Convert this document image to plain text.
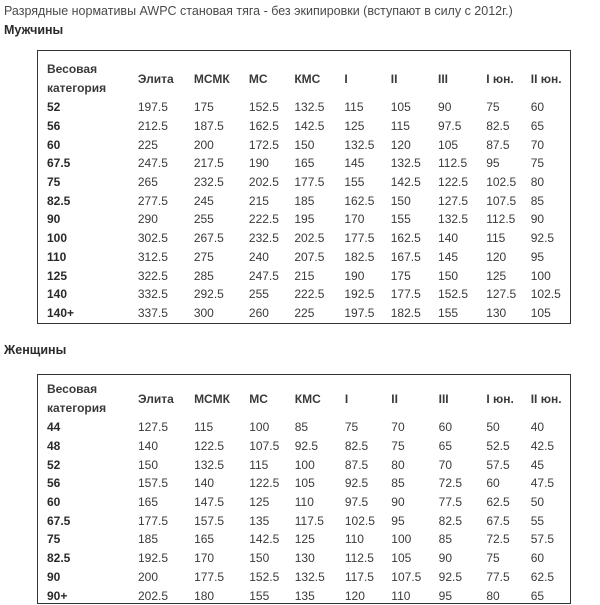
Разрядные нормативы AWPC становая тяга - без экипировки (вступают в силу с 2012г.)
Мужчины
Весовая категория	Элита	МСМК	МС	КМС	I	II	III	I юн.	II юн.
52	197.5	175	152.5	132.5	115	105	90	75	60
56	212.5	187.5	162.5	142.5	125	115	97.5	82.5	65
60	225	200	172.5	150	132.5	120	105	87.5	70
67.5	247.5	217.5	190	165	145	132.5	112.5	95	75
75	265	232.5	202.5	177.5	155	142.5	122.5	102.5	80
82.5	277.5	245	215	185	162.5	150	127.5	107.5	85
90	290	255	222.5	195	170	155	132.5	112.5	90
100	302.5	267.5	232.5	202.5	177.5	162.5	140	115	92.5
110	312.5	275	240	207.5	182.5	167.5	145	120	95
125	322.5	285	247.5	215	190	175	150	125	100
140	332.5	292.5	255	222.5	192.5	177.5	152.5	127.5	102.5
140+	337.5	300	260	225	197.5	182.5	155	130	105
Женщины
Весовая категория	Элита	МСМК	МС	КМС	I	II	III	I юн.	II юн.
44	127.5	115	100	85	75	70	60	50	40
48	140	122.5	107.5	92.5	82.5	75	65	52.5	42.5
52	150	132.5	115	100	87.5	80	70	57.5	45
56	157.5	140	122.5	105	92.5	85	72.5	60	47.5
60	165	147.5	125	110	97.5	90	77.5	62.5	50
67.5	177.5	157.5	135	117.5	102.5	95	82.5	67.5	55
75	185	165	142.5	125	110	100	85	72.5	57.5
82.5	192.5	170	150	130	112.5	105	90	75	60
90	200	177.5	152.5	132.5	117.5	107.5	92.5	77.5	62.5
90+	202.5	180	155	135	120	110	95	80	65
